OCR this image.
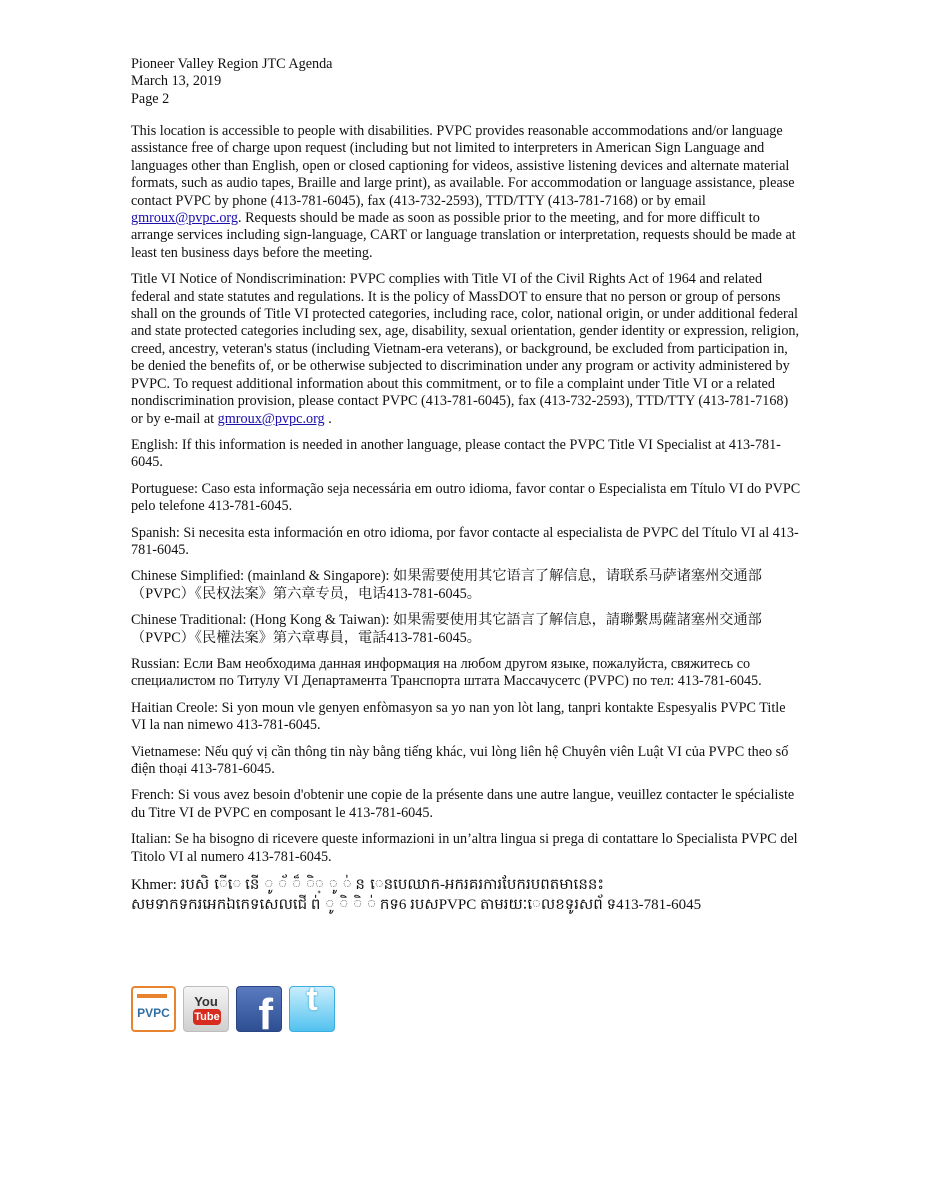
Pioneer Valley Region JTC Agenda
March 13, 2019
Page 2

This location is accessible to people with disabilities. PVPC provides reasonable accommodations and/or language assistance free of charge upon request (including but not limited to interpreters in American Sign Language and languages other than English, open or closed captioning for videos, assistive listening devices and alternate material formats, such as audio tapes, Braille and large print), as available. For accommodation or language assistance, please contact PVPC by phone (413-781-6045), fax (413-732-2593), TTD/TTY (413-781-7168) or by email gmroux@pvpc.org. Requests should be made as soon as possible prior to the meeting, and for more difficult to arrange services including sign-language, CART or language translation or interpretation, requests should be made at least ten business days before the meeting.

Title VI Notice of Nondiscrimination: PVPC complies with Title VI of the Civil Rights Act of 1964 and related federal and state statutes and regulations. It is the policy of MassDOT to ensure that no person or group of persons shall on the grounds of Title VI protected categories, including race, color, national origin, or under additional federal and state protected categories including sex, age, disability, sexual orientation, gender identity or expression, religion, creed, ancestry, veteran's status (including Vietnam-era veterans), or background, be excluded from participation in, be denied the benefits of, or be otherwise subjected to discrimination under any program or activity administered by PVPC. To request additional information about this commitment, or to file a complaint under Title VI or a related nondiscrimination provision, please contact PVPC (413-781-6045), fax (413-732-2593), TTD/TTY (413-781-7168) or by e-mail at gmroux@pvpc.org .

English: If this information is needed in another language, please contact the PVPC Title VI Specialist at 413-781-6045.

Portuguese: Caso esta informação seja necessária em outro idioma, favor contar o Especialista em Título VI do PVPC pelo telefone 413-781-6045.

Spanish: Si necesita esta información en otro idioma, por favor contacte al especialista de PVPC del Título VI al 413-781-6045.

Chinese Simplified: (mainland & Singapore): 如果需要使用其它语言了解信息，请联系马萨诸塞州交通部 （PVPC）《民权法案》第六章专员，电话413-781-6045。

Chinese Traditional: (Hong Kong & Taiwan): 如果需要使用其它語言了解信息，請聯繫馬薩諸塞州交通部 （PVPC）《民權法案》第六章專員，電話413-781-6045。

Russian: Если Вам необходима данная информация на любом другом языке, пожалуйста, свяжитесь со специалистом по Титулу VI Департамента Транспорта штата Массачусетс (PVPC) по тел: 413-781-6045.

Haitian Creole: Si yon moun vle genyen enfòmasyon sa yo nan yon lòt lang, tanpri kontakte Espesyalis PVPC Title VI la nan nimewo 413-781-6045.

Vietnamese: Nếu quý vị cần thông tin này bằng tiếng khác, vui lòng liên hệ Chuyên viên Luật VI của PVPC theo số điện thoại 413-781-6045.

French: Si vous avez besoin d'obtenir une copie de la présente dans une autre langue, veuillez contacter le spécialiste du Titre VI de PVPC en composant le 413-781-6045.

Italian: Se ha bisogno di ricevere queste informazioni in un’altra lingua si prega di contattare lo Specialista PVPC del Titolo VI al numero 413-781-6045.

Khmer: របសិ ើេ នើ ូ ័ ៏ ិ្ ូ ់ ន េនបេឈាក-អករគរការបែករបពតមានេនះ
សមទាកទករអេកឯកេទសេលជើ ព់ ូ ិ ិ ់ កទ6 របសPVPC តាមរយៈេលខទូរសព័ ទ413-781-6045
PVPC
You
Tube f t
